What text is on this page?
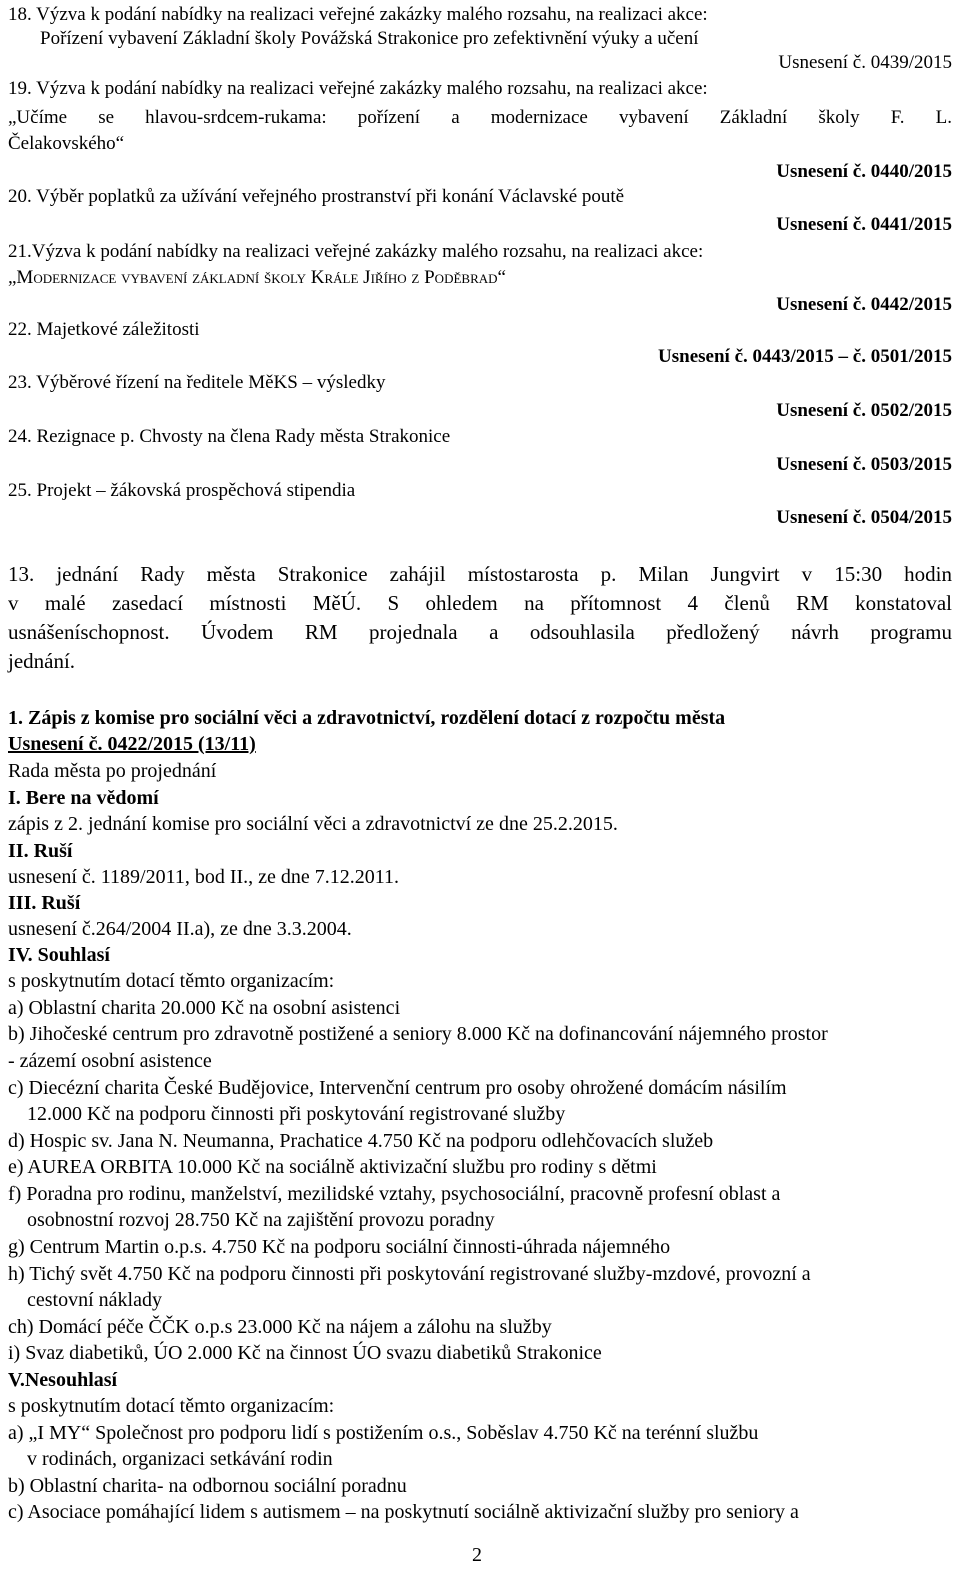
18. Výzva k podání nabídky na realizaci veřejné zakázky malého rozsahu, na realizaci akce:
Pořízení vybavení Základní školy Povážská Strakonice pro zefektivnění výuky a učení
Usnesení č. 0439/2015
19. Výzva k podání nabídky na realizaci veřejné zakázky malého rozsahu, na realizaci akce:
„Učíme se hlavou-srdcem-rukama: pořízení a modernizace vybavení Základní školy F. L.
Čelakovského“
Usnesení č. 0440/2015
20. Výběr poplatků za užívání veřejného prostranství při konání Václavské poutě
Usnesení č. 0441/2015
21.Výzva k podání nabídky na realizaci veřejné zakázky malého rozsahu, na realizaci akce:
„Modernizace vybavení základní školy Krále Jiřího z Poděbrad“
Usnesení č. 0442/2015
22. Majetkové záležitosti
Usnesení č. 0443/2015 – č. 0501/2015
23. Výběrové řízení na ředitele MěKS – výsledky
Usnesení č. 0502/2015
24. Rezignace p. Chvosty na člena Rady města Strakonice
Usnesení č. 0503/2015
25. Projekt – žákovská prospěchová stipendia
Usnesení č. 0504/2015
13. jednání Rady města Strakonice zahájil místostarosta p. Milan Jungvirt v 15:30 hodin
v malé zasedací místnosti MěÚ. S ohledem na přítomnost 4 členů RM konstatoval
usnášeníschopnost. Úvodem RM projednala a odsouhlasila předložený návrh programu
jednání.
1. Zápis z komise pro sociální věci a zdravotnictví, rozdělení dotací z rozpočtu města
Usnesení č. 0422/2015 (13/11)
Rada města po projednání
I. Bere na vědomí
zápis z 2. jednání komise pro sociální věci a zdravotnictví ze dne 25.2.2015.
II. Ruší
usnesení č. 1189/2011, bod II., ze dne 7.12.2011.
III. Ruší
usnesení č.264/2004 II.a), ze dne 3.3.2004.
IV. Souhlasí
s poskytnutím dotací těmto organizacím:
a) Oblastní charita 20.000 Kč na osobní asistenci
b) Jihočeské centrum pro zdravotně postižené a seniory 8.000 Kč na dofinancování nájemného prostor
- zázemí osobní asistence
c) Diecézní charita České Budějovice, Intervenční centrum pro osoby ohrožené domácím násilím
12.000 Kč na podporu činnosti při poskytování registrované služby
d) Hospic sv. Jana N. Neumanna, Prachatice 4.750 Kč na podporu odlehčovacích služeb
e) AUREA ORBITA 10.000 Kč na sociálně aktivizační službu pro rodiny s dětmi
f) Poradna pro rodinu, manželství, mezilidské vztahy, psychosociální, pracovně profesní oblast a
osobnostní rozvoj 28.750 Kč na zajištění provozu poradny
g) Centrum Martin o.p.s. 4.750 Kč na podporu sociální činnosti-úhrada nájemného
h) Tichý svět 4.750 Kč na podporu činnosti při poskytování registrované služby-mzdové, provozní a
cestovní náklady
ch) Domácí péče ČČK o.p.s 23.000 Kč na nájem a zálohu na služby
i) Svaz diabetiků, ÚO 2.000 Kč na činnost ÚO svazu diabetiků Strakonice
V.Nesouhlasí
s poskytnutím dotací těmto organizacím:
a) „I MY“ Společnost pro podporu lidí s postižením o.s., Soběslav 4.750 Kč na terénní službu
v rodinách, organizaci setkávání rodin
b) Oblastní charita- na odbornou sociální poradnu
c) Asociace pomáhající lidem s autismem – na poskytnutí sociálně aktivizační služby pro seniory a
2
